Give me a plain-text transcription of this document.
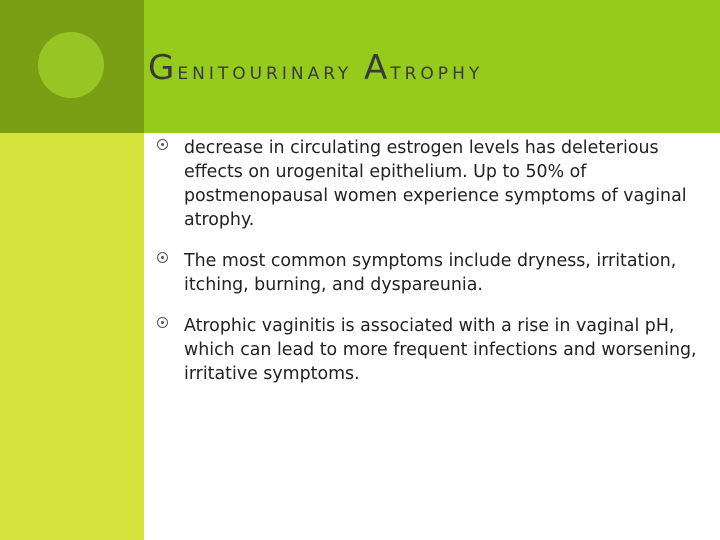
Genitourinary Atrophy
decrease in circulating estrogen levels has deleterious effects on urogenital epithelium. Up to 50% of postmenopausal women experience symptoms of vaginal atrophy.
The most common symptoms include dryness, irritation, itching, burning, and dyspareunia.
Atrophic vaginitis is associated with a rise in vaginal pH, which can lead to more frequent infections and worsening, irritative symptoms.
